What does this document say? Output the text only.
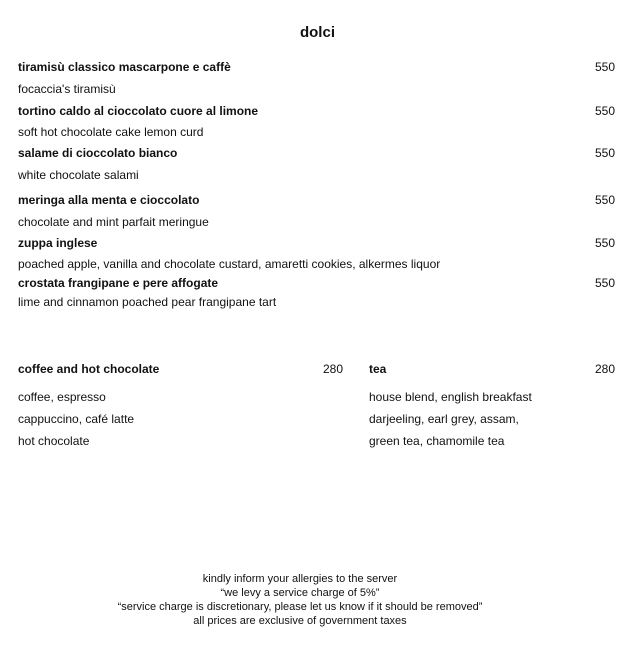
dolci
tiramisù classico mascarpone e caffè	550
focaccia's tiramisù
tortino caldo al cioccolato cuore al limone	550
soft hot chocolate cake lemon curd
salame di cioccolato bianco	550
white chocolate salami
meringa alla menta e cioccolato	550
chocolate and mint parfait meringue
zuppa inglese	550
poached apple, vanilla and chocolate custard, amaretti cookies, alkermes liquor
crostata frangipane e pere affogate	550
lime and cinnamon poached pear frangipane tart
coffee and hot chocolate	280
coffee, espresso
cappuccino, café latte
hot chocolate
tea	280
house blend, english breakfast
darjeeling, earl grey, assam,
green tea, chamomile tea
kindly inform your allergies to the server
“we levy a service charge of 5%”
“service charge is discretionary, please let us know if it should be removed”
all prices are exclusive of government taxes
